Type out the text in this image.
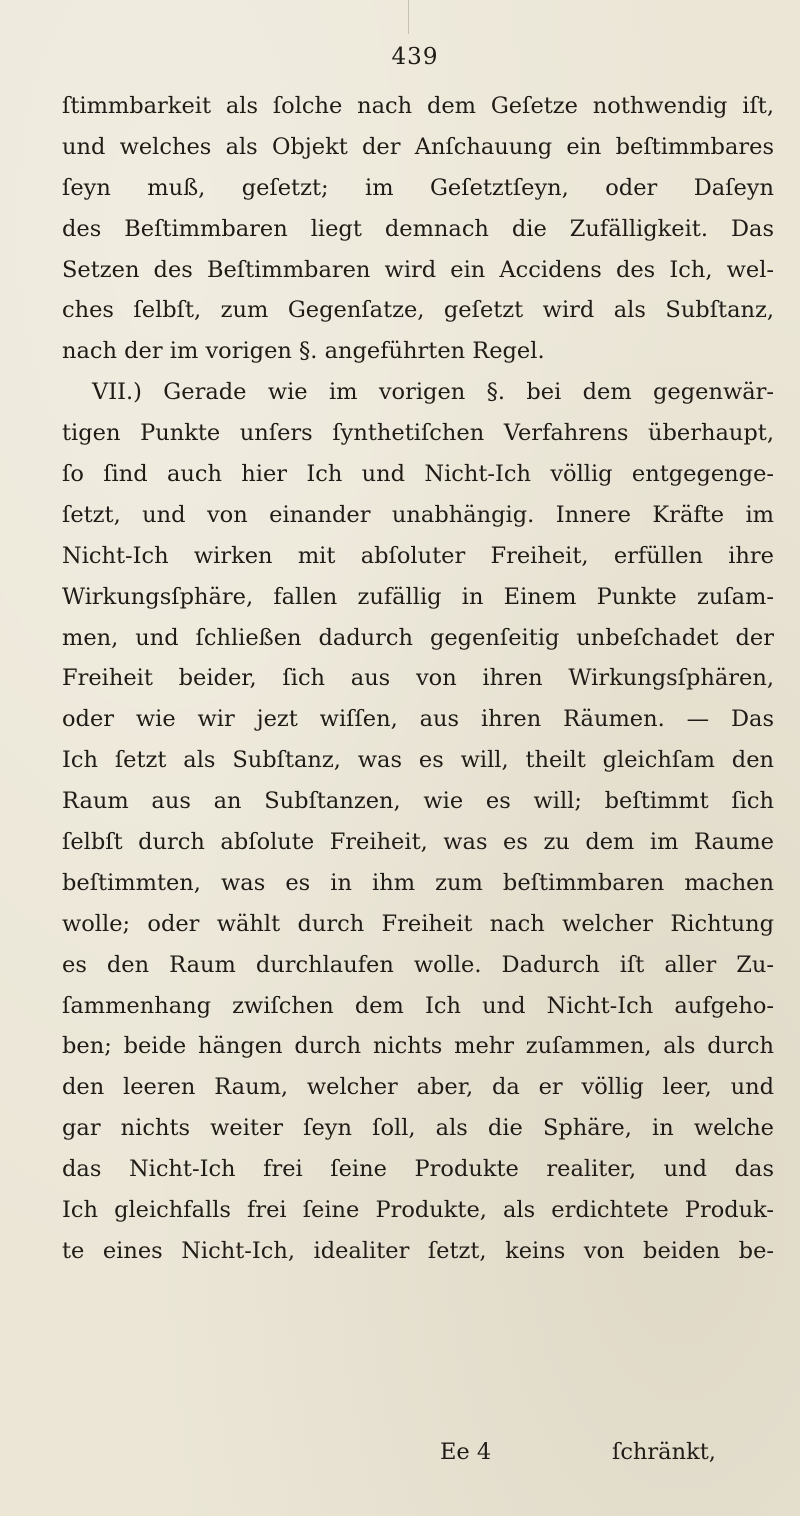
439
ſtimmbarkeit als ſolche nach dem Geſetze nothwendig iſt,
und welches als Objekt der Anſchauung ein beſtimmbares
ſeyn muß, geſetzt; im Geſetztſeyn, oder Daſeyn
des Beſtimmbaren liegt demnach die Zufälligkeit. Das
Setzen des Beſtimmbaren wird ein Accidens des Ich, wel-
ches ſelbſt, zum Gegenſatze, geſetzt wird als Subſtanz,
nach der im vorigen §. angeführten Regel.
VII.) Gerade wie im vorigen §. bei dem gegenwär-
tigen Punkte unſers ſynthetiſchen Verfahrens überhaupt,
ſo ſind auch hier Ich und Nicht-Ich völlig entgegenge-
ſetzt, und von einander unabhängig. Innere Kräfte im
Nicht-Ich wirken mit abſoluter Freiheit, erfüllen ihre
Wirkungsſphäre, fallen zufällig in Einem Punkte zuſam-
men, und ſchließen dadurch gegenſeitig unbeſchadet der
Freiheit beider, ſich aus von ihren Wirkungsſphären,
oder wie wir jezt wiſſen, aus ihren Räumen. — Das
Ich ſetzt als Subſtanz, was es will, theilt gleichſam den
Raum aus an Subſtanzen, wie es will; beſtimmt ſich
ſelbſt durch abſolute Freiheit, was es zu dem im Raume
beſtimmten, was es in ihm zum beſtimmbaren machen
wolle; oder wählt durch Freiheit nach welcher Richtung
es den Raum durchlaufen wolle. Dadurch iſt aller Zu-
ſammenhang zwiſchen dem Ich und Nicht-Ich aufgeho-
ben; beide hängen durch nichts mehr zuſammen, als durch
den leeren Raum, welcher aber, da er völlig leer, und
gar nichts weiter ſeyn ſoll, als die Sphäre, in welche
das Nicht-Ich frei ſeine Produkte realiter, und das
Ich gleichfalls frei ſeine Produkte, als erdichtete Produk-
te eines Nicht-Ich, idealiter ſetzt, keins von beiden be-
Ee 4	ſchränkt,
